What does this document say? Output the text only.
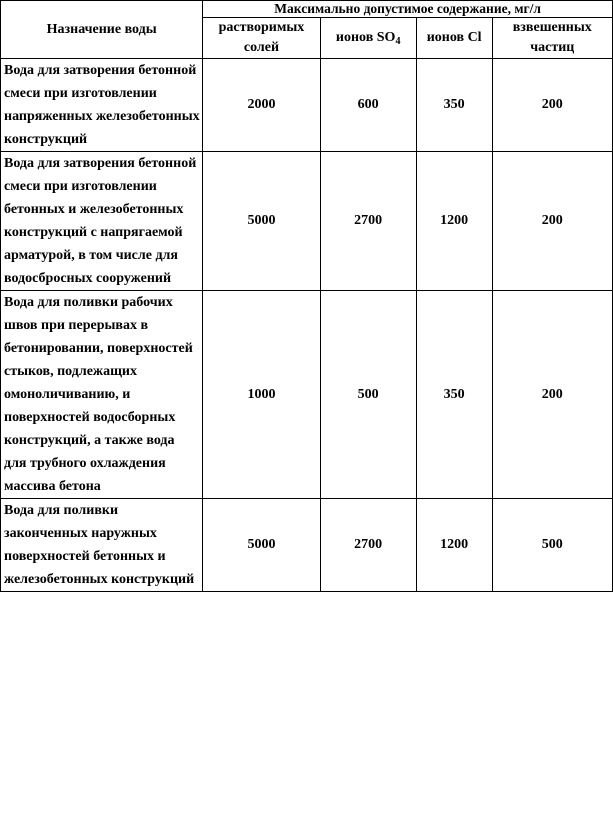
Назначение воды	Максимально допустимое содержание, мг/л			
	растворимых солей	ионов $SO_4$	ионов Cl	взвешенных частиц
Вода для затворения бетонной смеси при изготовлении напряженных железобетонных конструкций	2000	600	350	200
Вода для затворения бетонной смеси при изготовлении бетонных и железобетонных конструкций с напрягаемой арматурой, в том числе для водосбросных сооружений	5000	2700	1200	200
Вода для поливки рабочих швов при перерывах в бетонировании, поверхностей стыков, подлежащих омоноличиванию, и поверхностей водосборных конструкций, а также вода для трубного охлаждения массива бетона	1000	500	350	200
Вода для поливки законченных наружных поверхностей бетонных и железобетонных конструкций	5000	2700	1200	500
